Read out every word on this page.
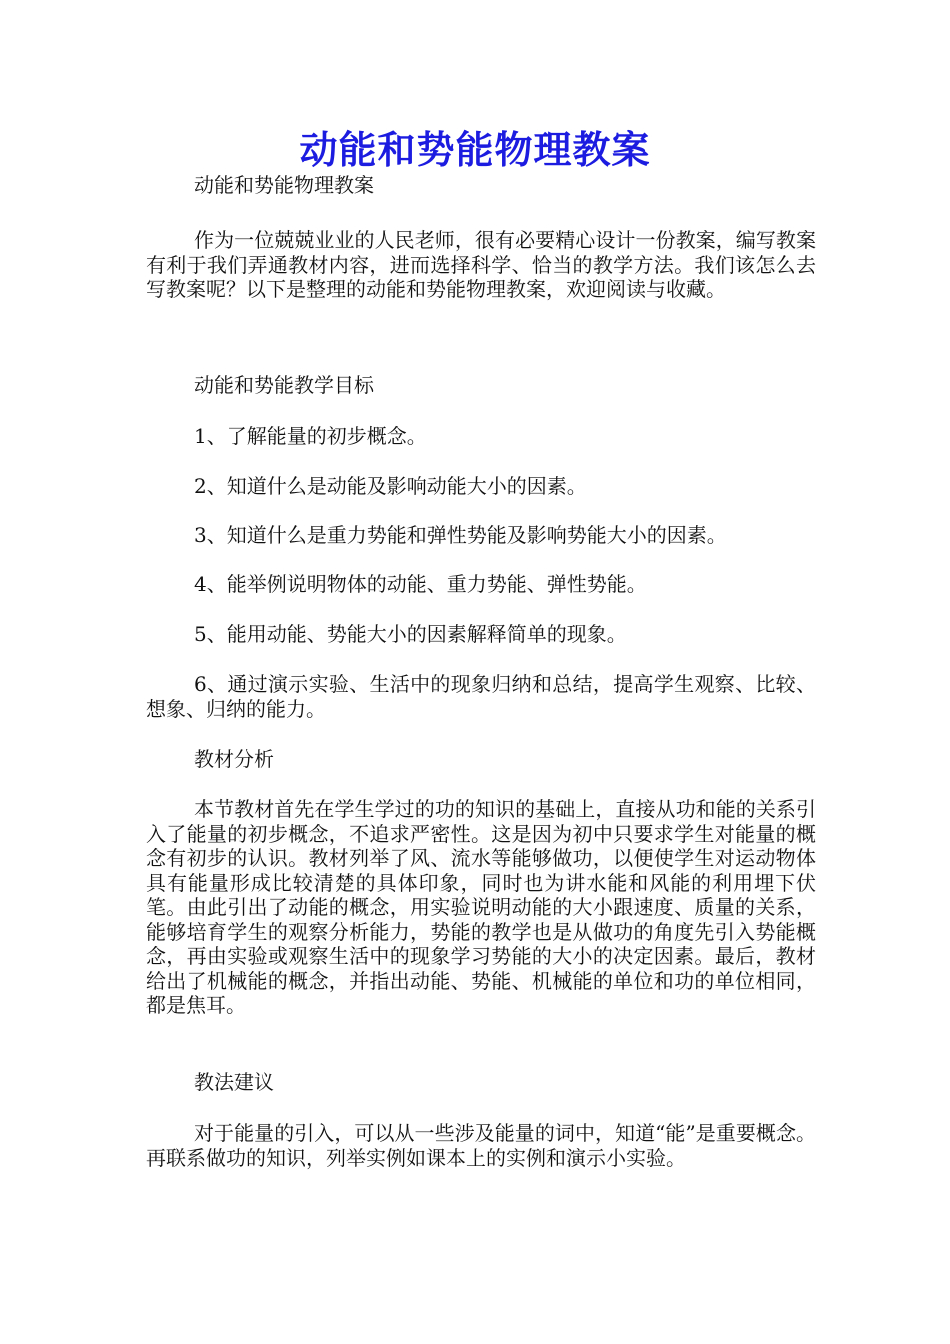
动能和势能物理教案
动能和势能物理教案
作为一位兢兢业业的人民老师，很有必要精心设计一份教案，编写教案有利于我们弄通教材内容，进而选择科学、恰当的教学方法。我们该怎么去写教案呢？以下是整理的动能和势能物理教案，欢迎阅读与收藏。
动能和势能教学目标
1、了解能量的初步概念。
2、知道什么是动能及影响动能大小的因素。
3、知道什么是重力势能和弹性势能及影响势能大小的因素。
4、能举例说明物体的动能、重力势能、弹性势能。
5、能用动能、势能大小的因素解释简单的现象。
6、通过演示实验、生活中的现象归纳和总结，提高学生观察、比较、想象、归纳的能力。
教材分析
本节教材首先在学生学过的功的知识的基础上，直接从功和能的关系引入了能量的初步概念，不追求严密性。这是因为初中只要求学生对能量的概念有初步的认识。教材列举了风、流水等能够做功，以便使学生对运动物体具有能量形成比较清楚的具体印象，同时也为讲水能和风能的利用埋下伏笔。由此引出了动能的概念，用实验说明动能的大小跟速度、质量的关系，能够培育学生的观察分析能力，势能的教学也是从做功的角度先引入势能概念，再由实验或观察生活中的现象学习势能的大小的决定因素。最后，教材给出了机械能的概念，并指出动能、势能、机械能的单位和功的单位相同，都是焦耳。
教法建议
对于能量的引入，可以从一些涉及能量的词中，知道“能”是重要概念。再联系做功的知识，列举实例如课本上的实例和演示小实验。
